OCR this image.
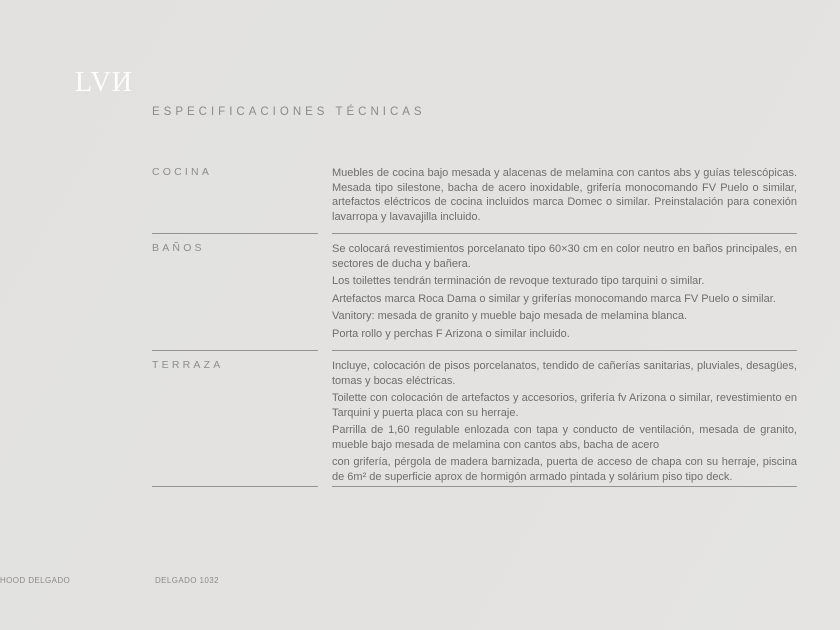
LVИ
ESPECIFICACIONES TÉCNICAS
COCINA	Muebles de cocina bajo mesada y alacenas de melamina con cantos abs y guías telescópicas. Mesada tipo silestone, bacha de acero inoxidable, grifería monocomando FV Puelo o similar, artefactos eléctricos de cocina incluidos marca Domec o similar. Preinstalación para conexión lavarropa y lavavajilla incluido.

BAÑOS	Se colocará revestimientos porcelanato tipo 60×30 cm en color neutro en baños principales, en sectores de ducha y bañera.

Los toilettes tendrán terminación de revoque texturado tipo tarquini o similar.

Artefactos marca Roca Dama o similar y griferías monocomando marca FV Puelo o similar.

Vanitory: mesada de granito y mueble bajo mesada de melamina blanca.

Porta rollo y perchas F Arizona o similar incluido.

TERRAZA	Incluye, colocación de pisos porcelanatos, tendido de cañerías sanitarias, pluviales, desagües, tomas y bocas eléctricas.

Toilette con colocación de artefactos y accesorios, grifería fv Arizona o similar, revestimiento en Tarquini y puerta placa con su herraje.

Parrilla de 1,60 regulable enlozada con tapa y conducto de ventilación, mesada de granito, mueble bajo mesada de melamina con cantos abs, bacha de acero

con grifería, pérgola de madera barnizada, puerta de acceso de chapa con su herraje, piscina de 6m² de superficie aprox de hormigón armado pintada y solárium piso tipo deck.

HOOD DELGADO	DELGADO 1032
